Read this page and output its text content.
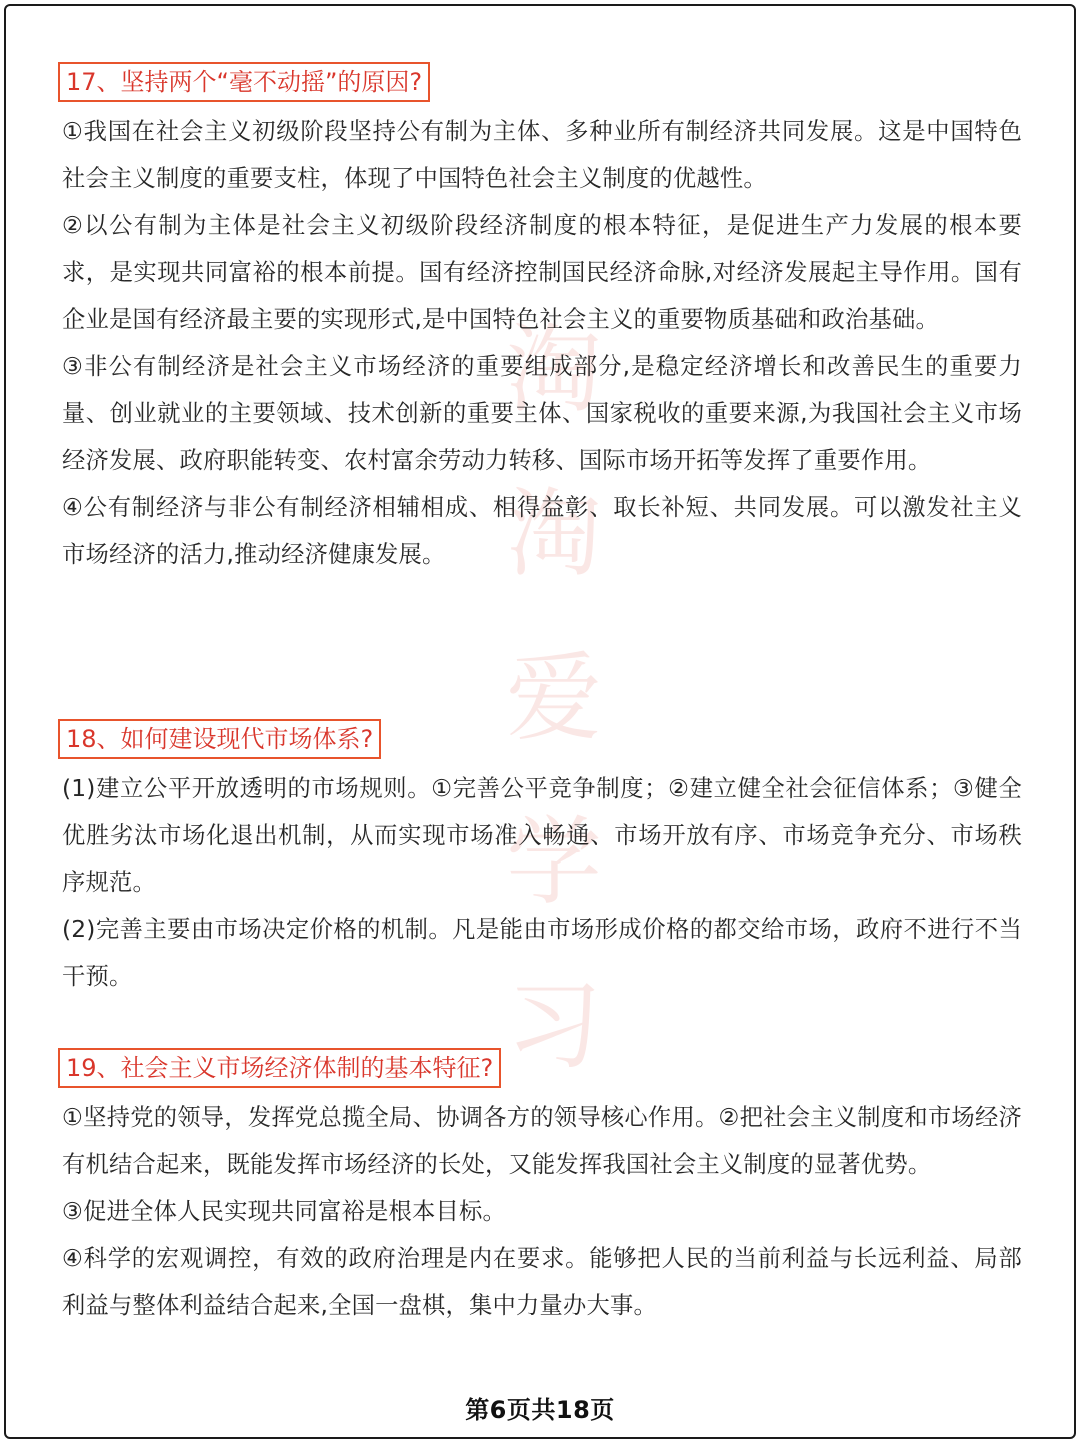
淘
淘
爱
学
习
17、坚持两个“毫不动摇”的原因?

①我国在社会主义初级阶段坚持公有制为主体、多种业所有制经济共同发展。这是中国特色社会主义制度的重要支柱，体现了中国特色社会主义制度的优越性。

②以公有制为主体是社会主义初级阶段经济制度的根本特征，是促进生产力发展的根本要求，是实现共同富裕的根本前提。国有经济控制国民经济命脉,对经济发展起主导作用。国有企业是国有经济最主要的实现形式,是中国特色社会主义的重要物质基础和政治基础。

③非公有制经济是社会主义市场经济的重要组成部分,是稳定经济增长和改善民生的重要力量、创业就业的主要领域、技术创新的重要主体、国家税收的重要来源,为我国社会主义市场经济发展、政府职能转变、农村富余劳动力转移、国际市场开拓等发挥了重要作用。

④公有制经济与非公有制经济相辅相成、相得益彰、取长补短、共同发展。可以激发社主义市场经济的活力,推动经济健康发展。

18、如何建设现代市场体系?

(1)建立公平开放透明的市场规则。①完善公平竞争制度；②建立健全社会征信体系；③健全优胜劣汰市场化退出机制，从而实现市场准入畅通、市场开放有序、市场竞争充分、市场秩序规范。

(2)完善主要由市场决定价格的机制。凡是能由市场形成价格的都交给市场，政府不进行不当干预。

19、社会主义市场经济体制的基本特征?

①坚持党的领导，发挥党总揽全局、协调各方的领导核心作用。②把社会主义制度和市场经济有机结合起来，既能发挥市场经济的长处，又能发挥我国社会主义制度的显著优势。

③促进全体人民实现共同富裕是根本目标。

④科学的宏观调控，有效的政府治理是内在要求。能够把人民的当前利益与长远利益、局部利益与整体利益结合起来,全国一盘棋，集中力量办大事。

第6页共18页
